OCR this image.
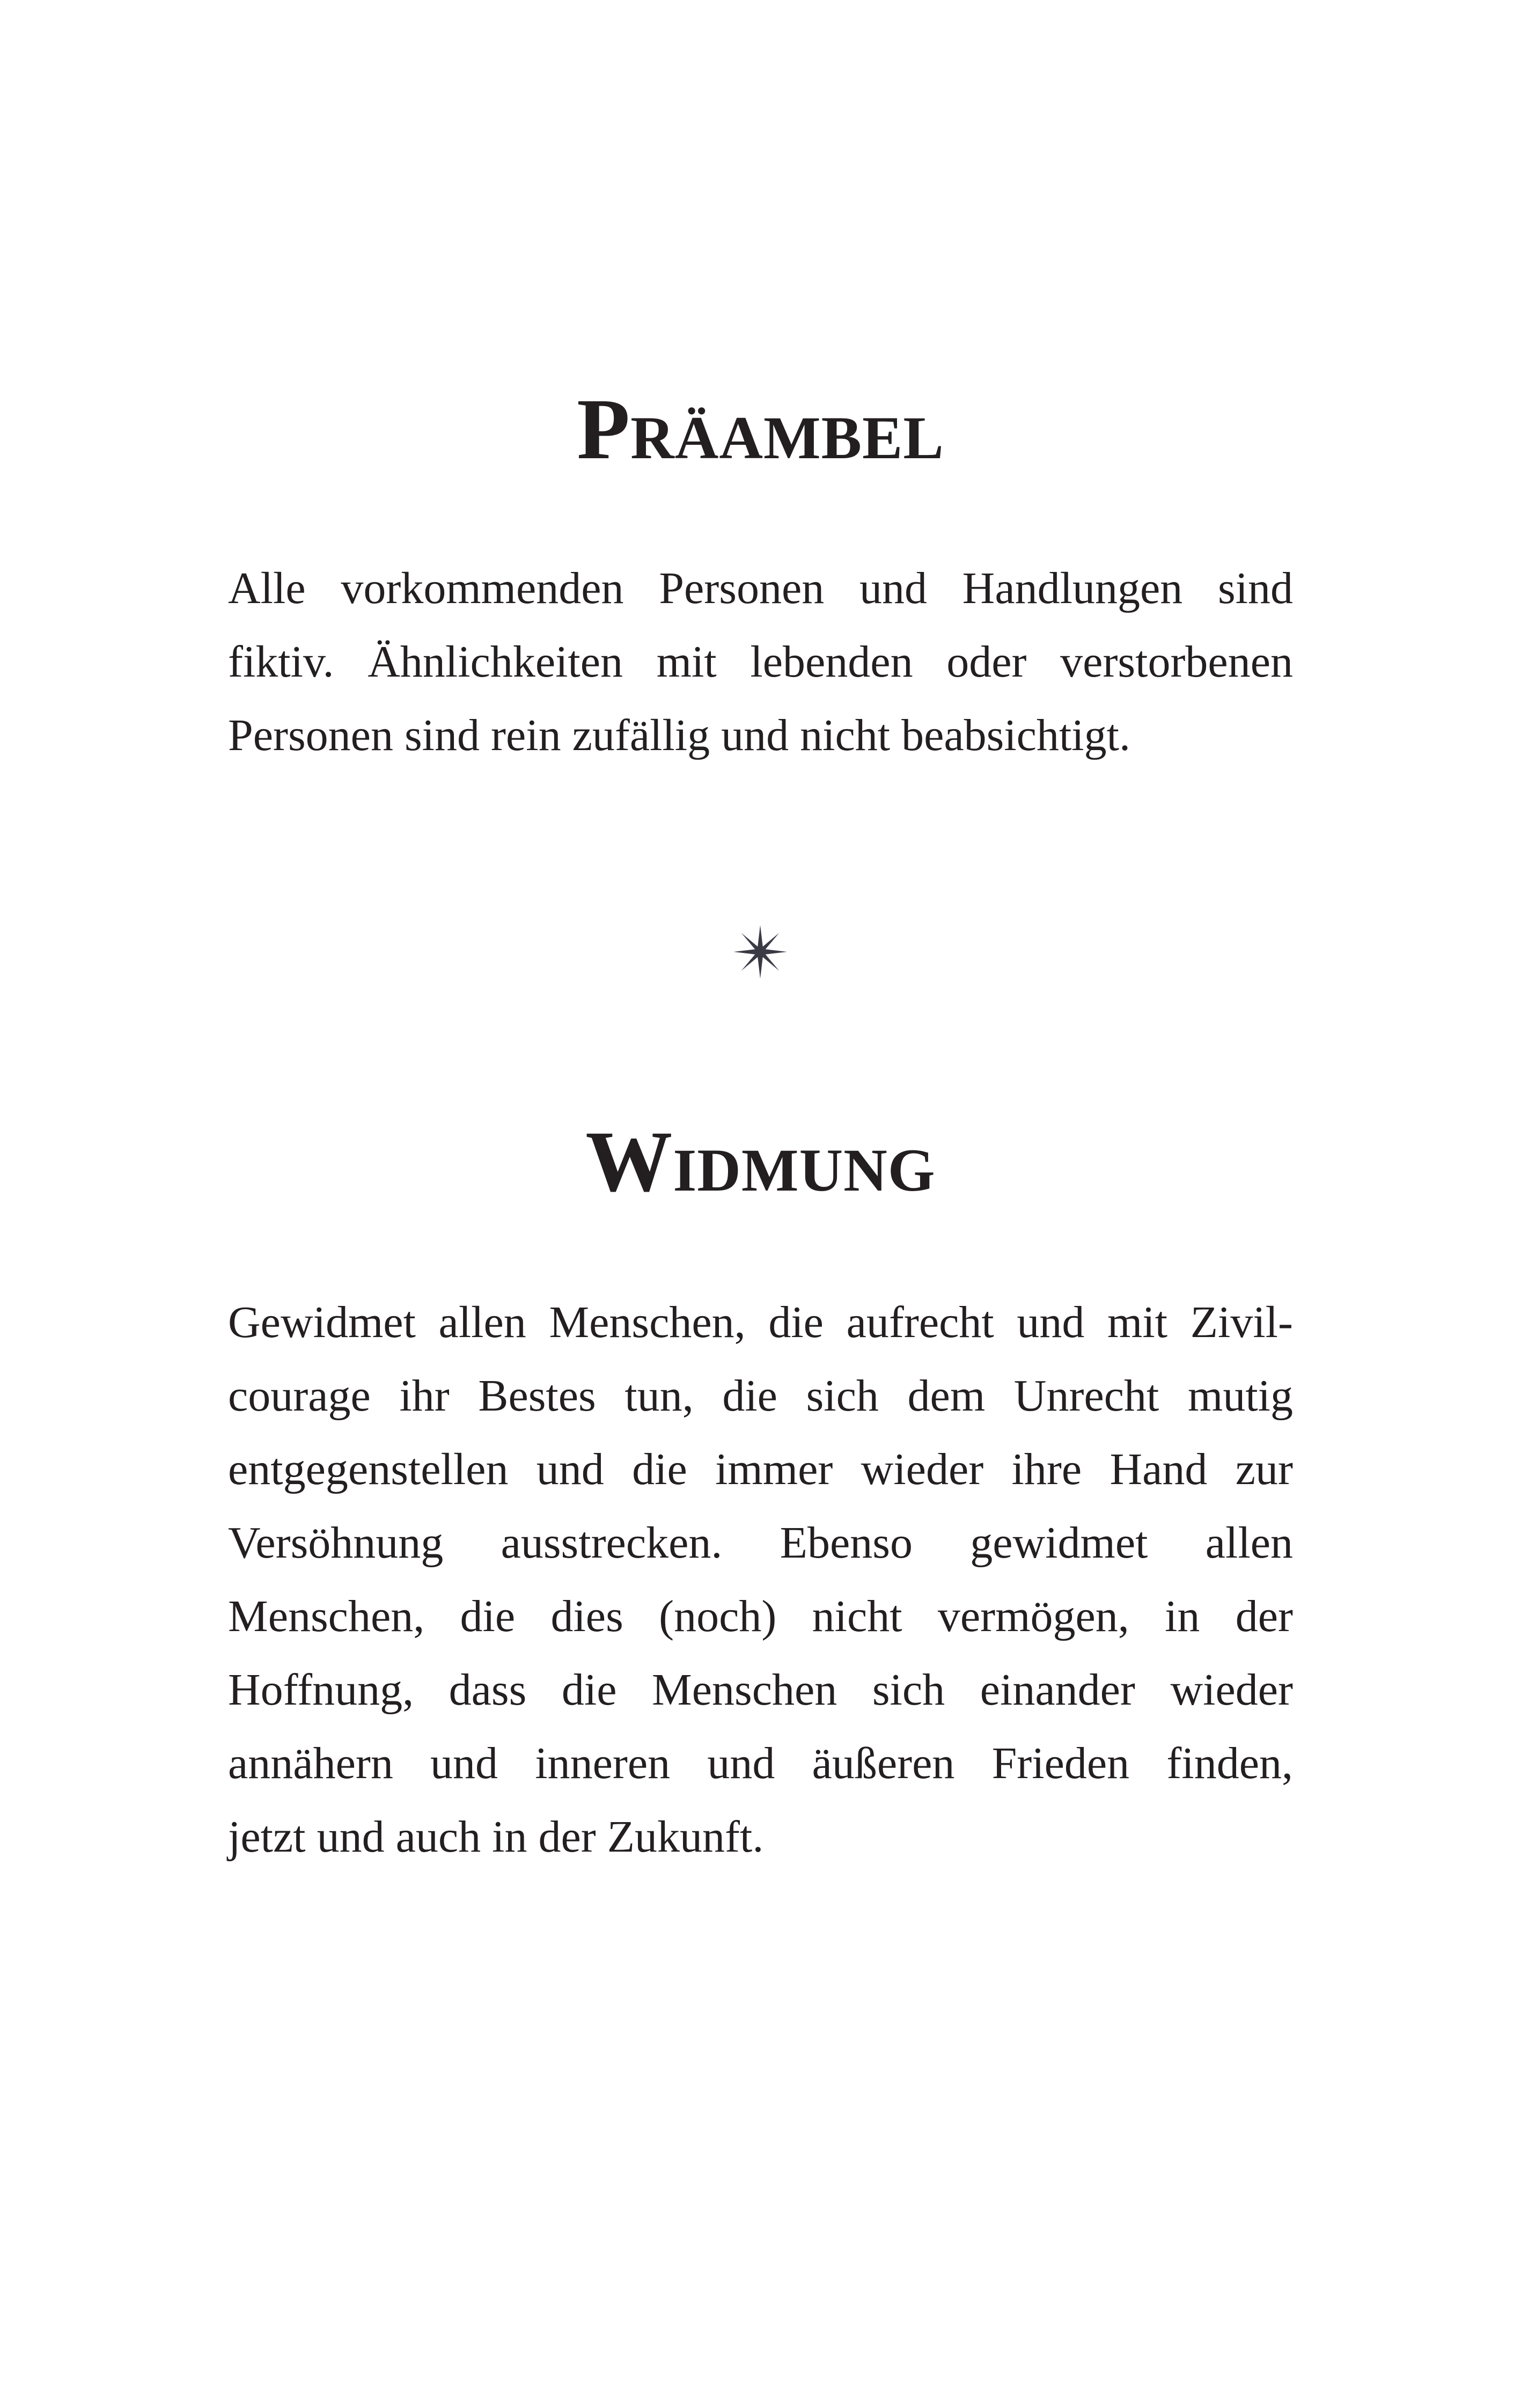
Präambel

Alle vorkommenden Personen und Handlungen sind
fiktiv. Ähnlichkeiten mit lebenden oder verstorbenen
Personen sind rein zufällig und nicht beabsichtigt.

Widmung

Gewidmet allen Menschen, die aufrecht und mit Zivil-
courage ihr Bestes tun, die sich dem Unrecht mutig
entgegenstellen und die immer wieder ihre Hand zur
Versöhnung ausstrecken. Ebenso gewidmet allen
Menschen, die dies (noch) nicht vermögen, in der
Hoffnung, dass die Menschen sich einander wieder
annähern und inneren und äußeren Frieden finden,
jetzt und auch in der Zukunft.
